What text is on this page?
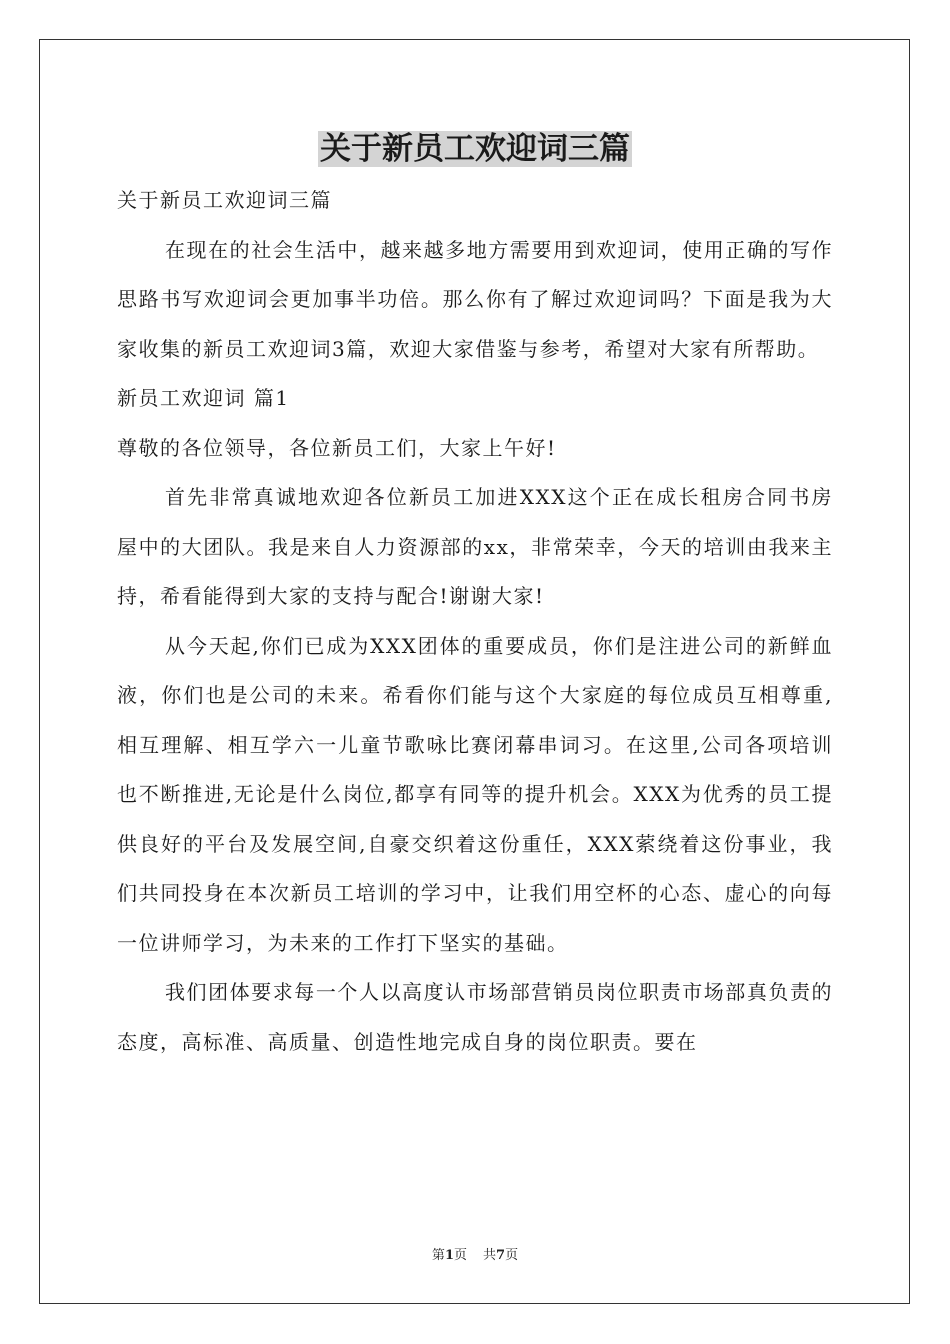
关于新员工欢迎词三篇

关于新员工欢迎词三篇

在现在的社会生活中，越来越多地方需要用到欢迎词，使用正确的写作思路书写欢迎词会更加事半功倍。那么你有了解过欢迎词吗？下面是我为大家收集的新员工欢迎词3篇，欢迎大家借鉴与参考，希望对大家有所帮助。

新员工欢迎词 篇1

尊敬的各位领导，各位新员工们，大家上午好!

首先非常真诚地欢迎各位新员工加进XXX这个正在成长租房合同书房屋中的大团队。我是来自人力资源部的xx，非常荣幸，今天的培训由我来主持，希看能得到大家的支持与配合!谢谢大家!

从今天起,你们已成为XXX团体的重要成员，你们是注进公司的新鲜血液，你们也是公司的未来。希看你们能与这个大家庭的每位成员互相尊重,相互理解、相互学六一儿童节歌咏比赛闭幕串词习。在这里,公司各项培训也不断推进,无论是什么岗位,都享有同等的提升机会。XXX为优秀的员工提供良好的平台及发展空间,自豪交织着这份重任，XXX萦绕着这份事业，我们共同投身在本次新员工培训的学习中，让我们用空杯的心态、虚心的向每一位讲师学习，为未来的工作打下坚实的基础。

我们团体要求每一个人以高度认市场部营销员岗位职责市场部真负责的态度，高标准、高质量、创造性地完成自身的岗位职责。要在

第1页 共7页
